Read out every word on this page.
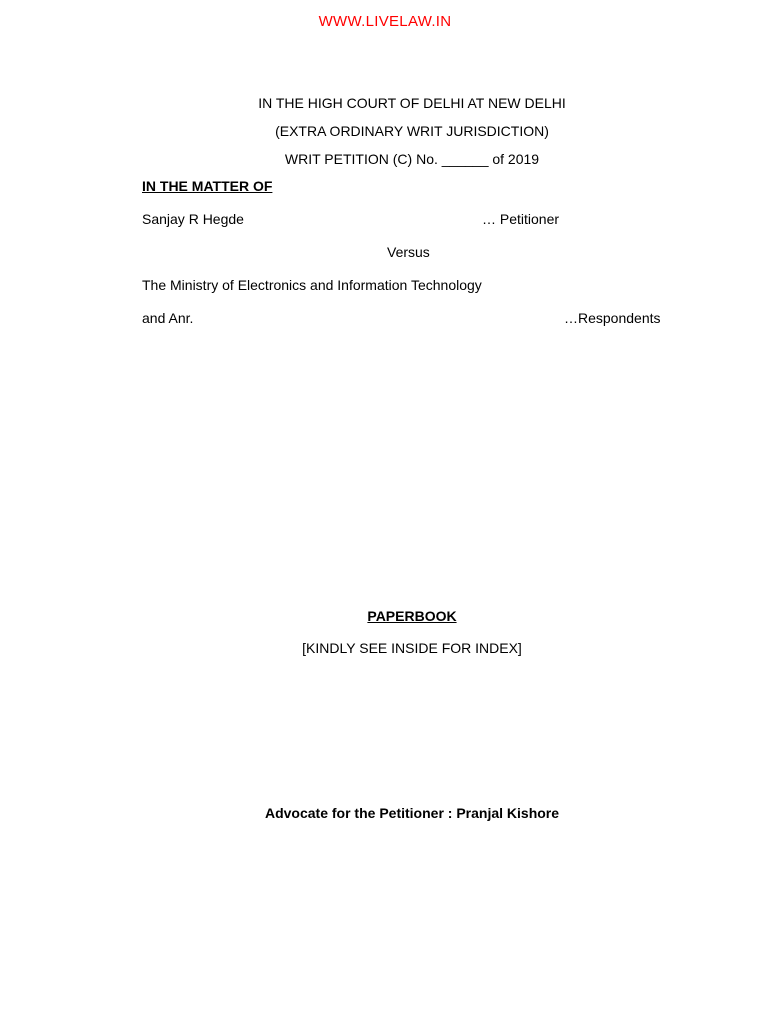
WWW.LIVELAW.IN
IN THE HIGH COURT OF DELHI AT NEW DELHI
(EXTRA ORDINARY WRIT JURISDICTION)
WRIT PETITION (C) No. ______ of 2019
IN THE MATTER OF
Sanjay R Hegde	… Petitioner
Versus
The Ministry of Electronics and Information Technology
and Anr.	…Respondents
PAPERBOOK
[KINDLY SEE INSIDE FOR INDEX]
Advocate for the Petitioner : Pranjal Kishore
